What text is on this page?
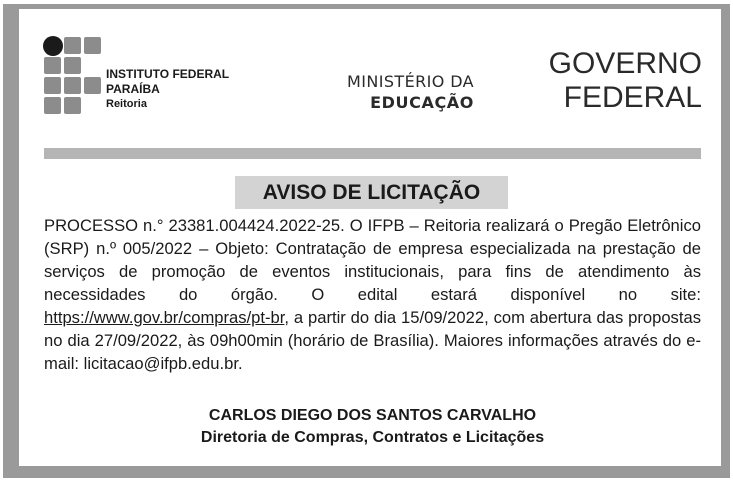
INSTITUTO FEDERAL
PARAÍBA
Reitoria
MINISTÉRIO DA
EDUCAÇÃO
GOVERNO
FEDERAL
AVISO DE LICITAÇÃO
PROCESSO n.° 23381.004424.2022-25. O IFPB – Reitoria realizará o Pregão Eletrônico (SRP) n.º 005/2022 – Objeto: Contratação de empresa especializada na prestação de serviços de promoção de eventos institucionais, para fins de atendimento às necessidades do órgão. O edital estará disponível no site: https://www.gov.br/compras/pt-br, a partir do dia 15/09/2022, com abertura das propostas no dia 27/09/2022, às 09h00min (horário de Brasília). Maiores informações através do e-mail: licitacao@ifpb.edu.br.
CARLOS DIEGO DOS SANTOS CARVALHO
Diretoria de Compras, Contratos e Licitações
